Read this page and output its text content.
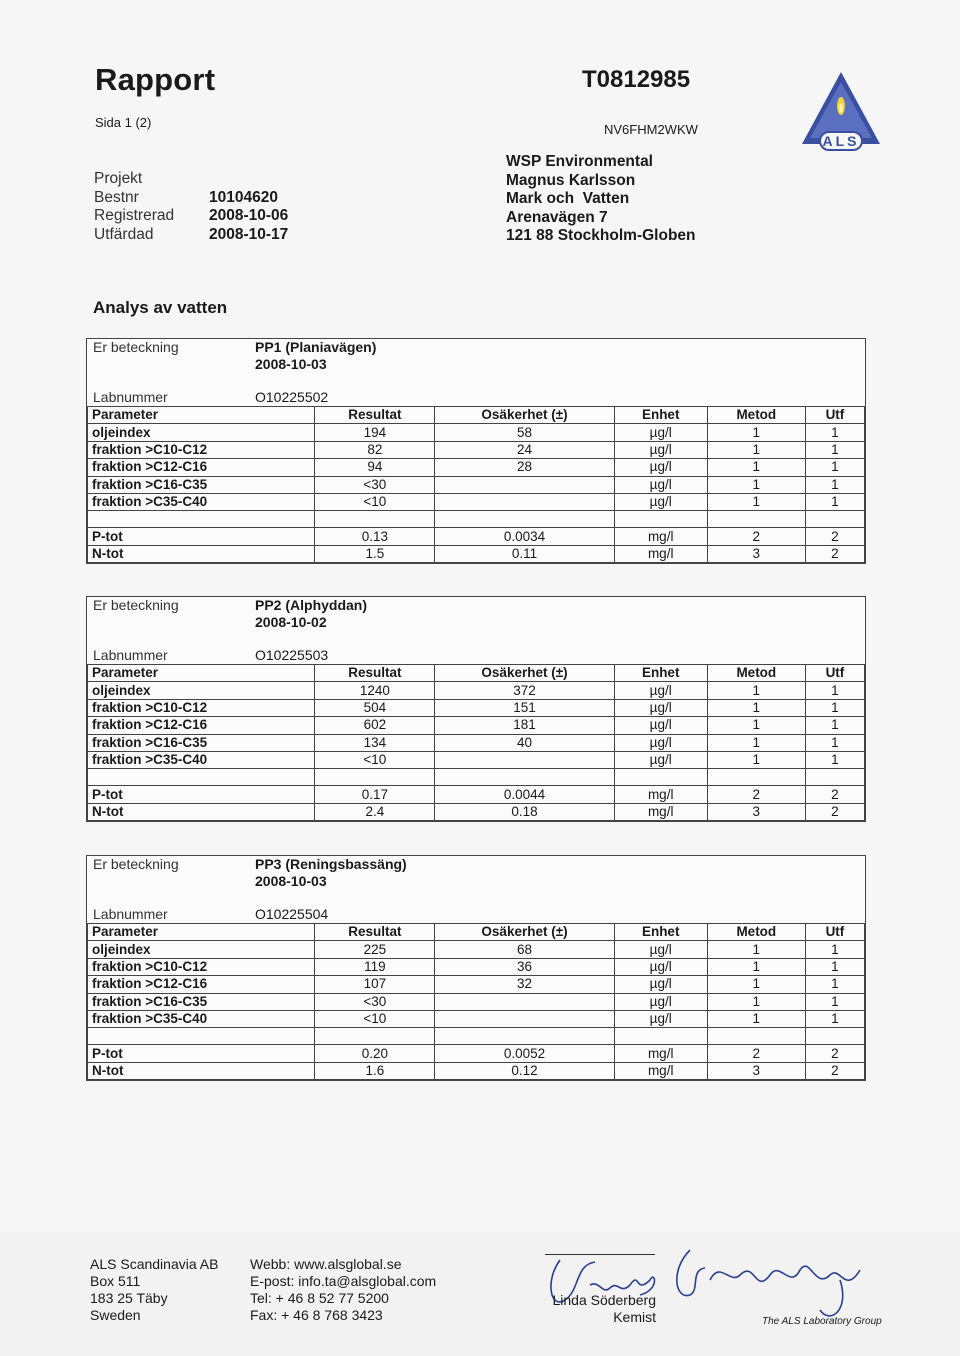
Rapport
Sida 1 (2)
T0812985
NV6FHM2WKW
ALS
Projekt
Bestnr	10104620
Registrerad	2008-10-06
Utfärdad	2008-10-17
WSP Environmental
Magnus Karlsson
Mark och  Vatten
Arenavägen 7
121 88 Stockholm-Globen
Analys av vatten
Er beteckning	PP1 (Planiavägen)
2008-10-03
Labnummer	O10225502
Parameter	Resultat	Osäkerhet (±)	Enhet	Metod	Utf
oljeindex	194	58	µg/l	1	1
fraktion >C10-C12	82	24	µg/l	1	1
fraktion >C12-C16	94	28	µg/l	1	1
fraktion >C16-C35	<30		µg/l	1	1
fraktion >C35-C40	<10		µg/l	1	1

P-tot	0.13	0.0034	mg/l	2	2
N-tot	1.5	0.11	mg/l	3	2
Er beteckning	PP2 (Alphyddan)
2008-10-02
Labnummer	O10225503
Parameter	Resultat	Osäkerhet (±)	Enhet	Metod	Utf
oljeindex	1240	372	µg/l	1	1
fraktion >C10-C12	504	151	µg/l	1	1
fraktion >C12-C16	602	181	µg/l	1	1
fraktion >C16-C35	134	40	µg/l	1	1
fraktion >C35-C40	<10		µg/l	1	1

P-tot	0.17	0.0044	mg/l	2	2
N-tot	2.4	0.18	mg/l	3	2
Er beteckning	PP3 (Reningsbassäng)
2008-10-03
Labnummer	O10225504
Parameter	Resultat	Osäkerhet (±)	Enhet	Metod	Utf
oljeindex	225	68	µg/l	1	1
fraktion >C10-C12	119	36	µg/l	1	1
fraktion >C12-C16	107	32	µg/l	1	1
fraktion >C16-C35	<30		µg/l	1	1
fraktion >C35-C40	<10		µg/l	1	1

P-tot	0.20	0.0052	mg/l	2	2
N-tot	1.6	0.12	mg/l	3	2
ALS Scandinavia AB
Box 511
183 25 Täby
Sweden
Webb: www.alsglobal.se
E-post: info.ta@alsglobal.com
Tel: + 46 8 52 77 5200
Fax: + 46 8 768 3423
Linda Söderberg
Kemist	The ALS Laboratory Group
